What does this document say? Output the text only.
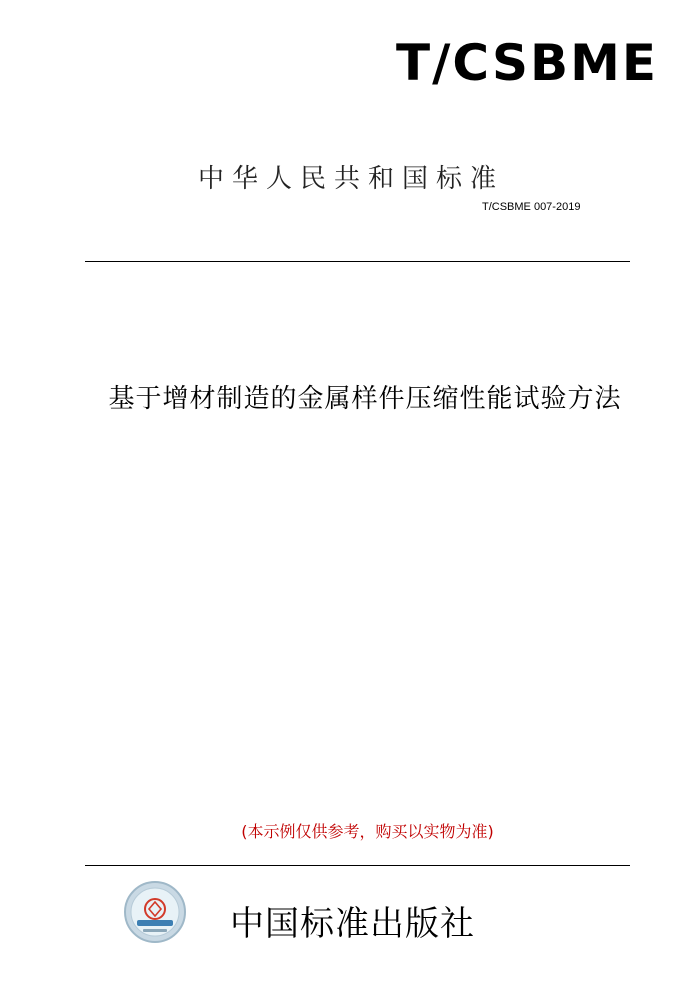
T/CSBME
中华人民共和国标准
T/CSBME 007-2019
基于增材制造的金属样件压缩性能试验方法
(本示例仅供参考，购买以实物为准)
中国标准出版社
